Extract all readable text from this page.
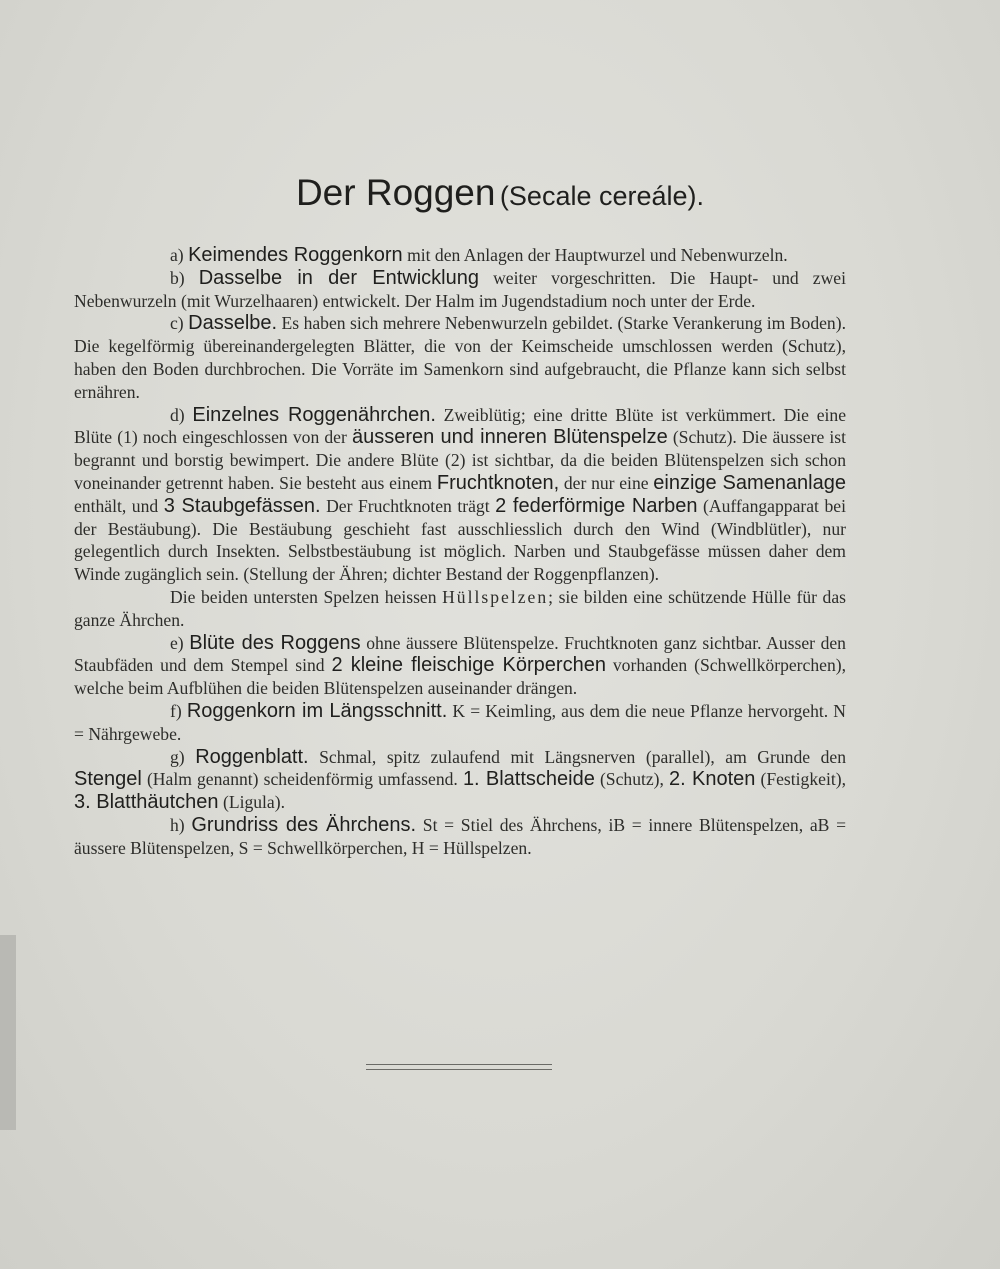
Der Roggen (Secale cereále).

a) Keimendes Roggenkorn mit den Anlagen der Hauptwurzel und Nebenwurzeln.

b) Dasselbe in der Entwicklung weiter vorgeschritten. Die Haupt- und zwei Nebenwurzeln (mit Wurzelhaaren) entwickelt. Der Halm im Jugendstadium noch unter der Erde.

c) Dasselbe. Es haben sich mehrere Nebenwurzeln gebildet. (Starke Verankerung im Boden). Die kegelförmig übereinandergelegten Blätter, die von der Keimscheide umschlossen werden (Schutz), haben den Boden durchbrochen. Die Vorräte im Samenkorn sind aufgebraucht, die Pflanze kann sich selbst ernähren.

d) Einzelnes Roggenährchen. Zweiblütig; eine dritte Blüte ist verkümmert. Die eine Blüte (1) noch eingeschlossen von der äusseren und inneren Blütenspelze (Schutz). Die äussere ist begrannt und borstig bewimpert. Die andere Blüte (2) ist sichtbar, da die beiden Blütenspelzen sich schon voneinander getrennt haben. Sie besteht aus einem Fruchtknoten, der nur eine einzige Samenanlage enthält, und 3 Staubgefässen. Der Fruchtknoten trägt 2 federförmige Narben (Auffangapparat bei der Bestäubung). Die Bestäubung geschieht fast ausschliesslich durch den Wind (Windblütler), nur gelegentlich durch Insekten. Selbstbestäubung ist möglich. Narben und Staubgefässe müssen daher dem Winde zugänglich sein. (Stellung der Ähren; dichter Bestand der Roggenpflanzen).

Die beiden untersten Spelzen heissen Hüllspelzen; sie bilden eine schützende Hülle für das ganze Ährchen.

e) Blüte des Roggens ohne äussere Blütenspelze. Fruchtknoten ganz sichtbar. Ausser den Staubfäden und dem Stempel sind 2 kleine fleischige Körperchen vorhanden (Schwellkörperchen), welche beim Aufblühen die beiden Blütenspelzen auseinander drängen.

f) Roggenkorn im Längsschnitt. K = Keimling, aus dem die neue Pflanze hervorgeht. N = Nährgewebe.

g) Roggenblatt. Schmal, spitz zulaufend mit Längsnerven (parallel), am Grunde den Stengel (Halm genannt) scheidenförmig umfassend. 1. Blattscheide (Schutz), 2. Knoten (Festigkeit), 3. Blatthäutchen (Ligula).

h) Grundriss des Ährchens. St = Stiel des Ährchens, iB = innere Blütenspelzen, aB = äussere Blütenspelzen, S = Schwellkörperchen, H = Hüllspelzen.
